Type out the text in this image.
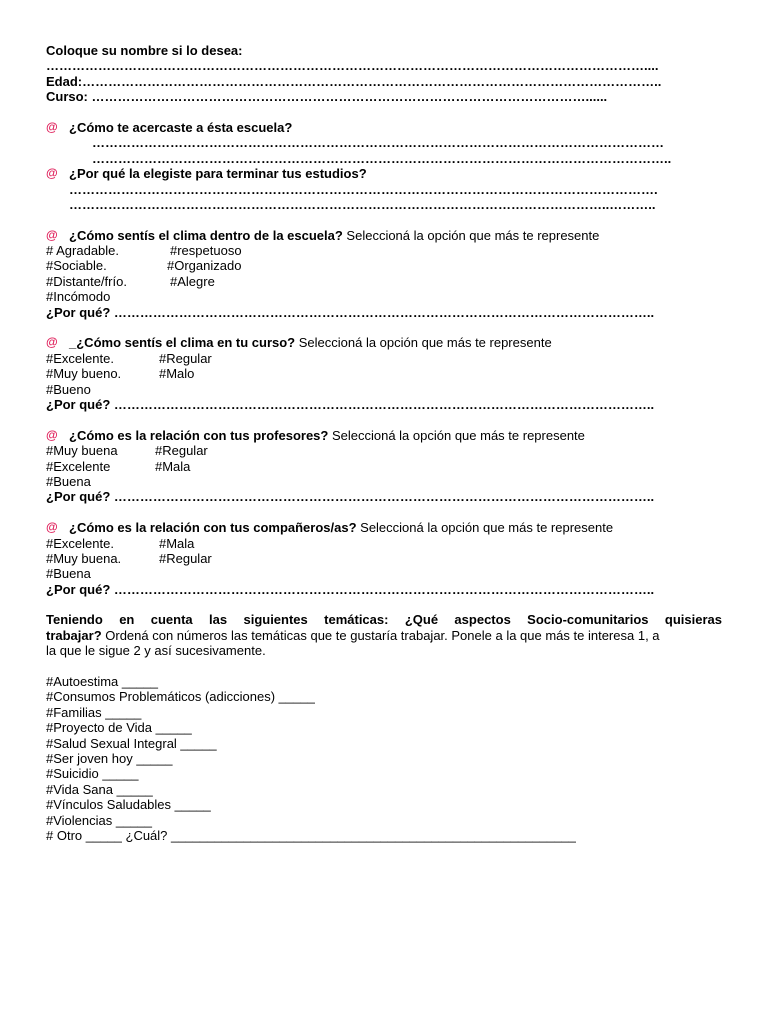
Coloque su nombre si lo desea:
…………………………………………………………………………………………………………………………....
Edad:……………………………………………………………………………………………………………………..
Curso: ……………………………………………………………………………………………………......
@ ¿Cómo te acercaste a ésta escuela?
……………………………………………………………………………………………………………………
……………………………………………………………………………………………………………………..
@ ¿Por qué la elegiste para terminar tus estudios?
……………………………………………………………………………………………………………………….
……………………………………………………………………………………………………………..………..
@ ¿Cómo sentís el clima dentro de la escuela? Seleccioná la opción que más te represente
# Agradable.	#respetuoso
#Sociable.	#Organizado
#Distante/frío.	#Alegre
#Incómodo
¿Por qué? ……………………………………………………………………………………………………………..
@ _¿Cómo sentís el clima en tu curso? Seleccioná la opción que más te represente
#Excelente.	#Regular
#Muy bueno.	#Malo
#Bueno
¿Por qué? ……………………………………………………………………………………………………………..
@ ¿Cómo es la relación con tus profesores? Seleccioná la opción que más te represente
#Muy buena	#Regular
#Excelente	#Mala
#Buena
¿Por qué? ……………………………………………………………………………………………………………..
@ ¿Cómo es la relación con tus compañeros/as? Seleccioná la opción que más te represente
#Excelente.	#Mala
#Muy buena.	#Regular
#Buena
¿Por qué? ……………………………………………………………………………………………………………..
Teniendo en cuenta las siguientes temáticas: ¿Qué aspectos Socio-comunitarios quisieras
trabajar? Ordená con números las temáticas que te gustaría trabajar. Ponele a la que más te interesa 1, a
la que le sigue 2 y así sucesivamente.
#Autoestima _____
#Consumos Problemáticos (adicciones) _____
#Familias _____
#Proyecto de Vida _____
#Salud Sexual Integral _____
#Ser joven hoy _____
#Suicidio _____
#Vida Sana _____
#Vínculos Saludables _____
#Violencias _____
# Otro _____ ¿Cuál? ________________________________________________________
